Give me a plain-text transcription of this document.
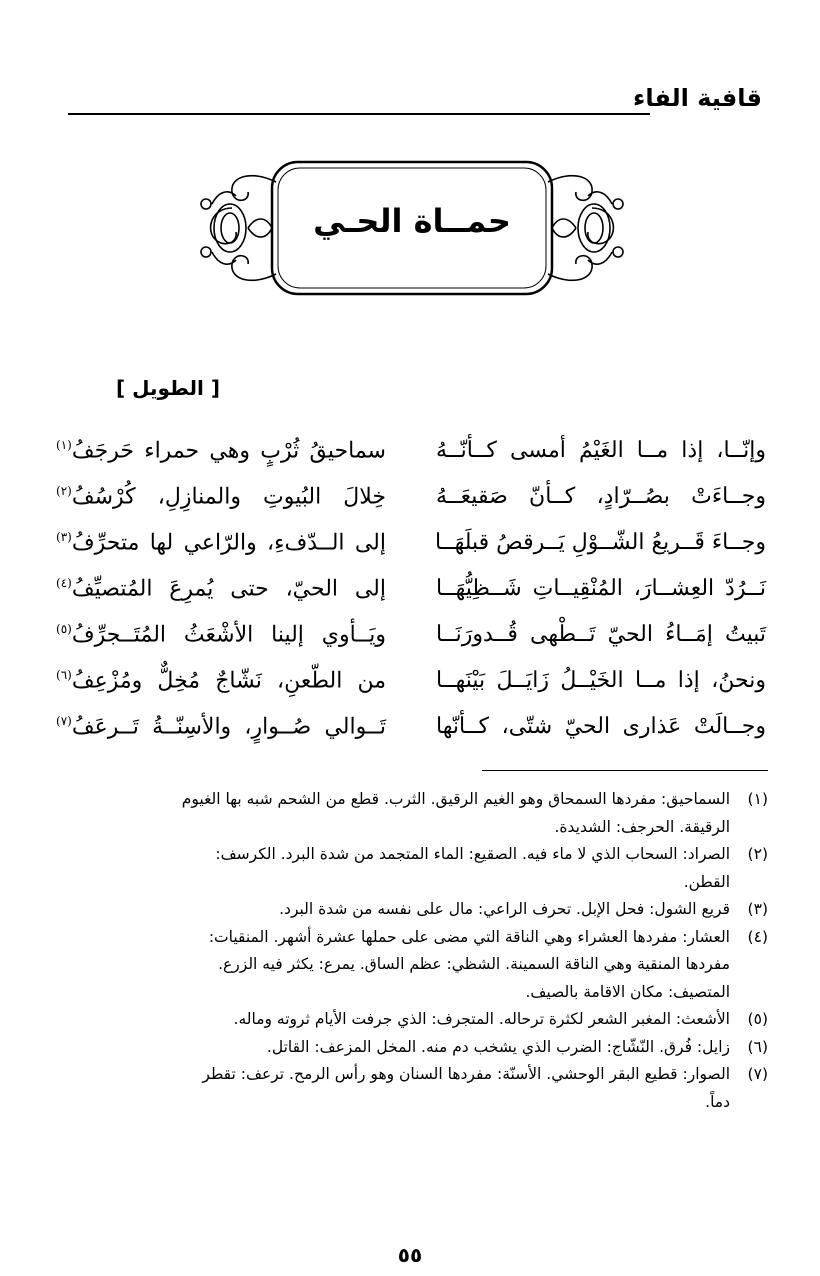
قافية الفاء
حمــاة الحـي
[ الطويل ]
وإنّــا، إذا مــا الغَيْمُ أمسى كــأنّــهُ
سماحيقُ ثُرْبٍ وهي حمراء حَرجَفُ$^{(١)}$
وجــاءَتْ بصُــرّادٍ، كــأنّ صَقيعَــهُ
خِلالَ البُيوتِ والمنازِلِ، كُرْسُفُ$^{(٢)}$
وجــاءَ قَــريعُ الشّــوْلِ يَــرقصُ قبلَهَــا
إلى الــدّفءِ، والرّاعي لها متحرِّفُ$^{(٣)}$
نَــرُدّ العِشــارَ، المُنْقِيــاتِ شَــظِيُّهَــا
إلى الحيّ، حتى يُمرِعَ المُتصيِّفُ$^{(٤)}$
تَبيتُ إمَــاءُ الحيّ تَــطْهى قُــدورَنَــا
ويَــأوي إلينا الأشْعَثُ المُتَــجرِّفُ$^{(٥)}$
ونحنُ، إذا مــا الخَيْــلُ زَايَــلَ بَيْنَهــا
من الطّعنِ، نَشّاجٌ مُخِلٌّ ومُزْعِفُ$^{(٦)}$
وجــالَتْ عَذارى الحيّ شتّى، كــأنّها
تَــوالي صُــوارٍ، والأسِنّــةُ تَــرعَفُ$^{(٧)}$

(١)السماحيق: مفردها السمحاق وهو الغيم الرقيق. الثرب. قطع من الشحم شبه بها الغيوم
الرقيقة. الحرجف: الشديدة.

(٢)الصراد: السحاب الذي لا ماء فيه. الصقيع: الماء المتجمد من شدة البرد. الكرسف:
القطن.

(٣)قريع الشول: فحل الإبل. تحرف الراعي: مال على نفسه من شدة البرد.

(٤)العشار: مفردها العشراء وهي الناقة التي مضى على حملها عشرة أشهر. المنقيات:
مفردها المنقية وهي الناقة السمينة. الشظي: عظم الساق. يمرع: يكثر فيه الزرع.
المتصيف: مكان الاقامة بالصيف.

(٥)الأشعث: المغبر الشعر لكثرة ترحاله. المتجرف: الذي جرفت الأيام ثروته وماله.

(٦)زايل: فُرق. النّشّاج: الضرب الذي يشخب دم منه. المخل المزعف: القاتل.

(٧)الصوار: قطيع البقر الوحشي. الأسنّة: مفردها السنان وهو رأس الرمح. ترعف: تقطر
دماً.

٥٥
